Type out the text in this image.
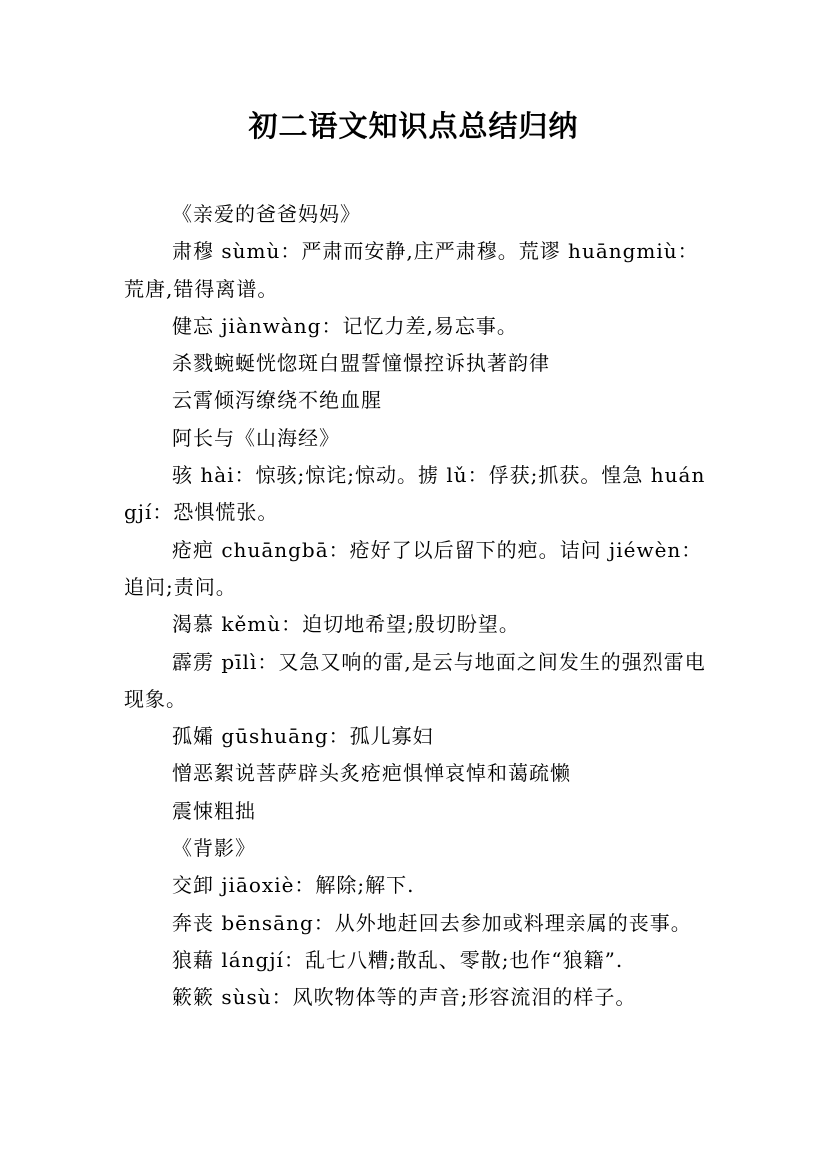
初二语文知识点总结归纳

《亲爱的爸爸妈妈》

肃穆 sùmù：严肃而安静,庄严肃穆。荒谬 huāngmiù：荒唐,错得离谱。

健忘 jiànwàng：记忆力差,易忘事。

杀戮蜿蜒恍惚斑白盟誓憧憬控诉执著韵律

云霄倾泻缭绕不绝血腥

阿长与《山海经》

骇 hài：惊骇;惊诧;惊动。掳 lǔ：俘获;抓获。惶急 huángjí：恐惧慌张。

疮疤 chuāngbā：疮好了以后留下的疤。诘问 jiéwèn：追问;责问。

渴慕 kěmù：迫切地希望;殷切盼望。

霹雳 pīlì：又急又响的雷,是云与地面之间发生的强烈雷电现象。

孤孀 gūshuāng：孤儿寡妇

憎恶絮说菩萨辟头炙疮疤惧惮哀悼和蔼疏懒

震悚粗拙

《背影》

交卸 jiāoxiè：解除;解下.

奔丧 bēnsāng：从外地赶回去参加或料理亲属的丧事。

狼藉 lángjí：乱七八糟;散乱、零散;也作“狼籍”.

簌簌 sùsù：风吹物体等的声音;形容流泪的样子。
